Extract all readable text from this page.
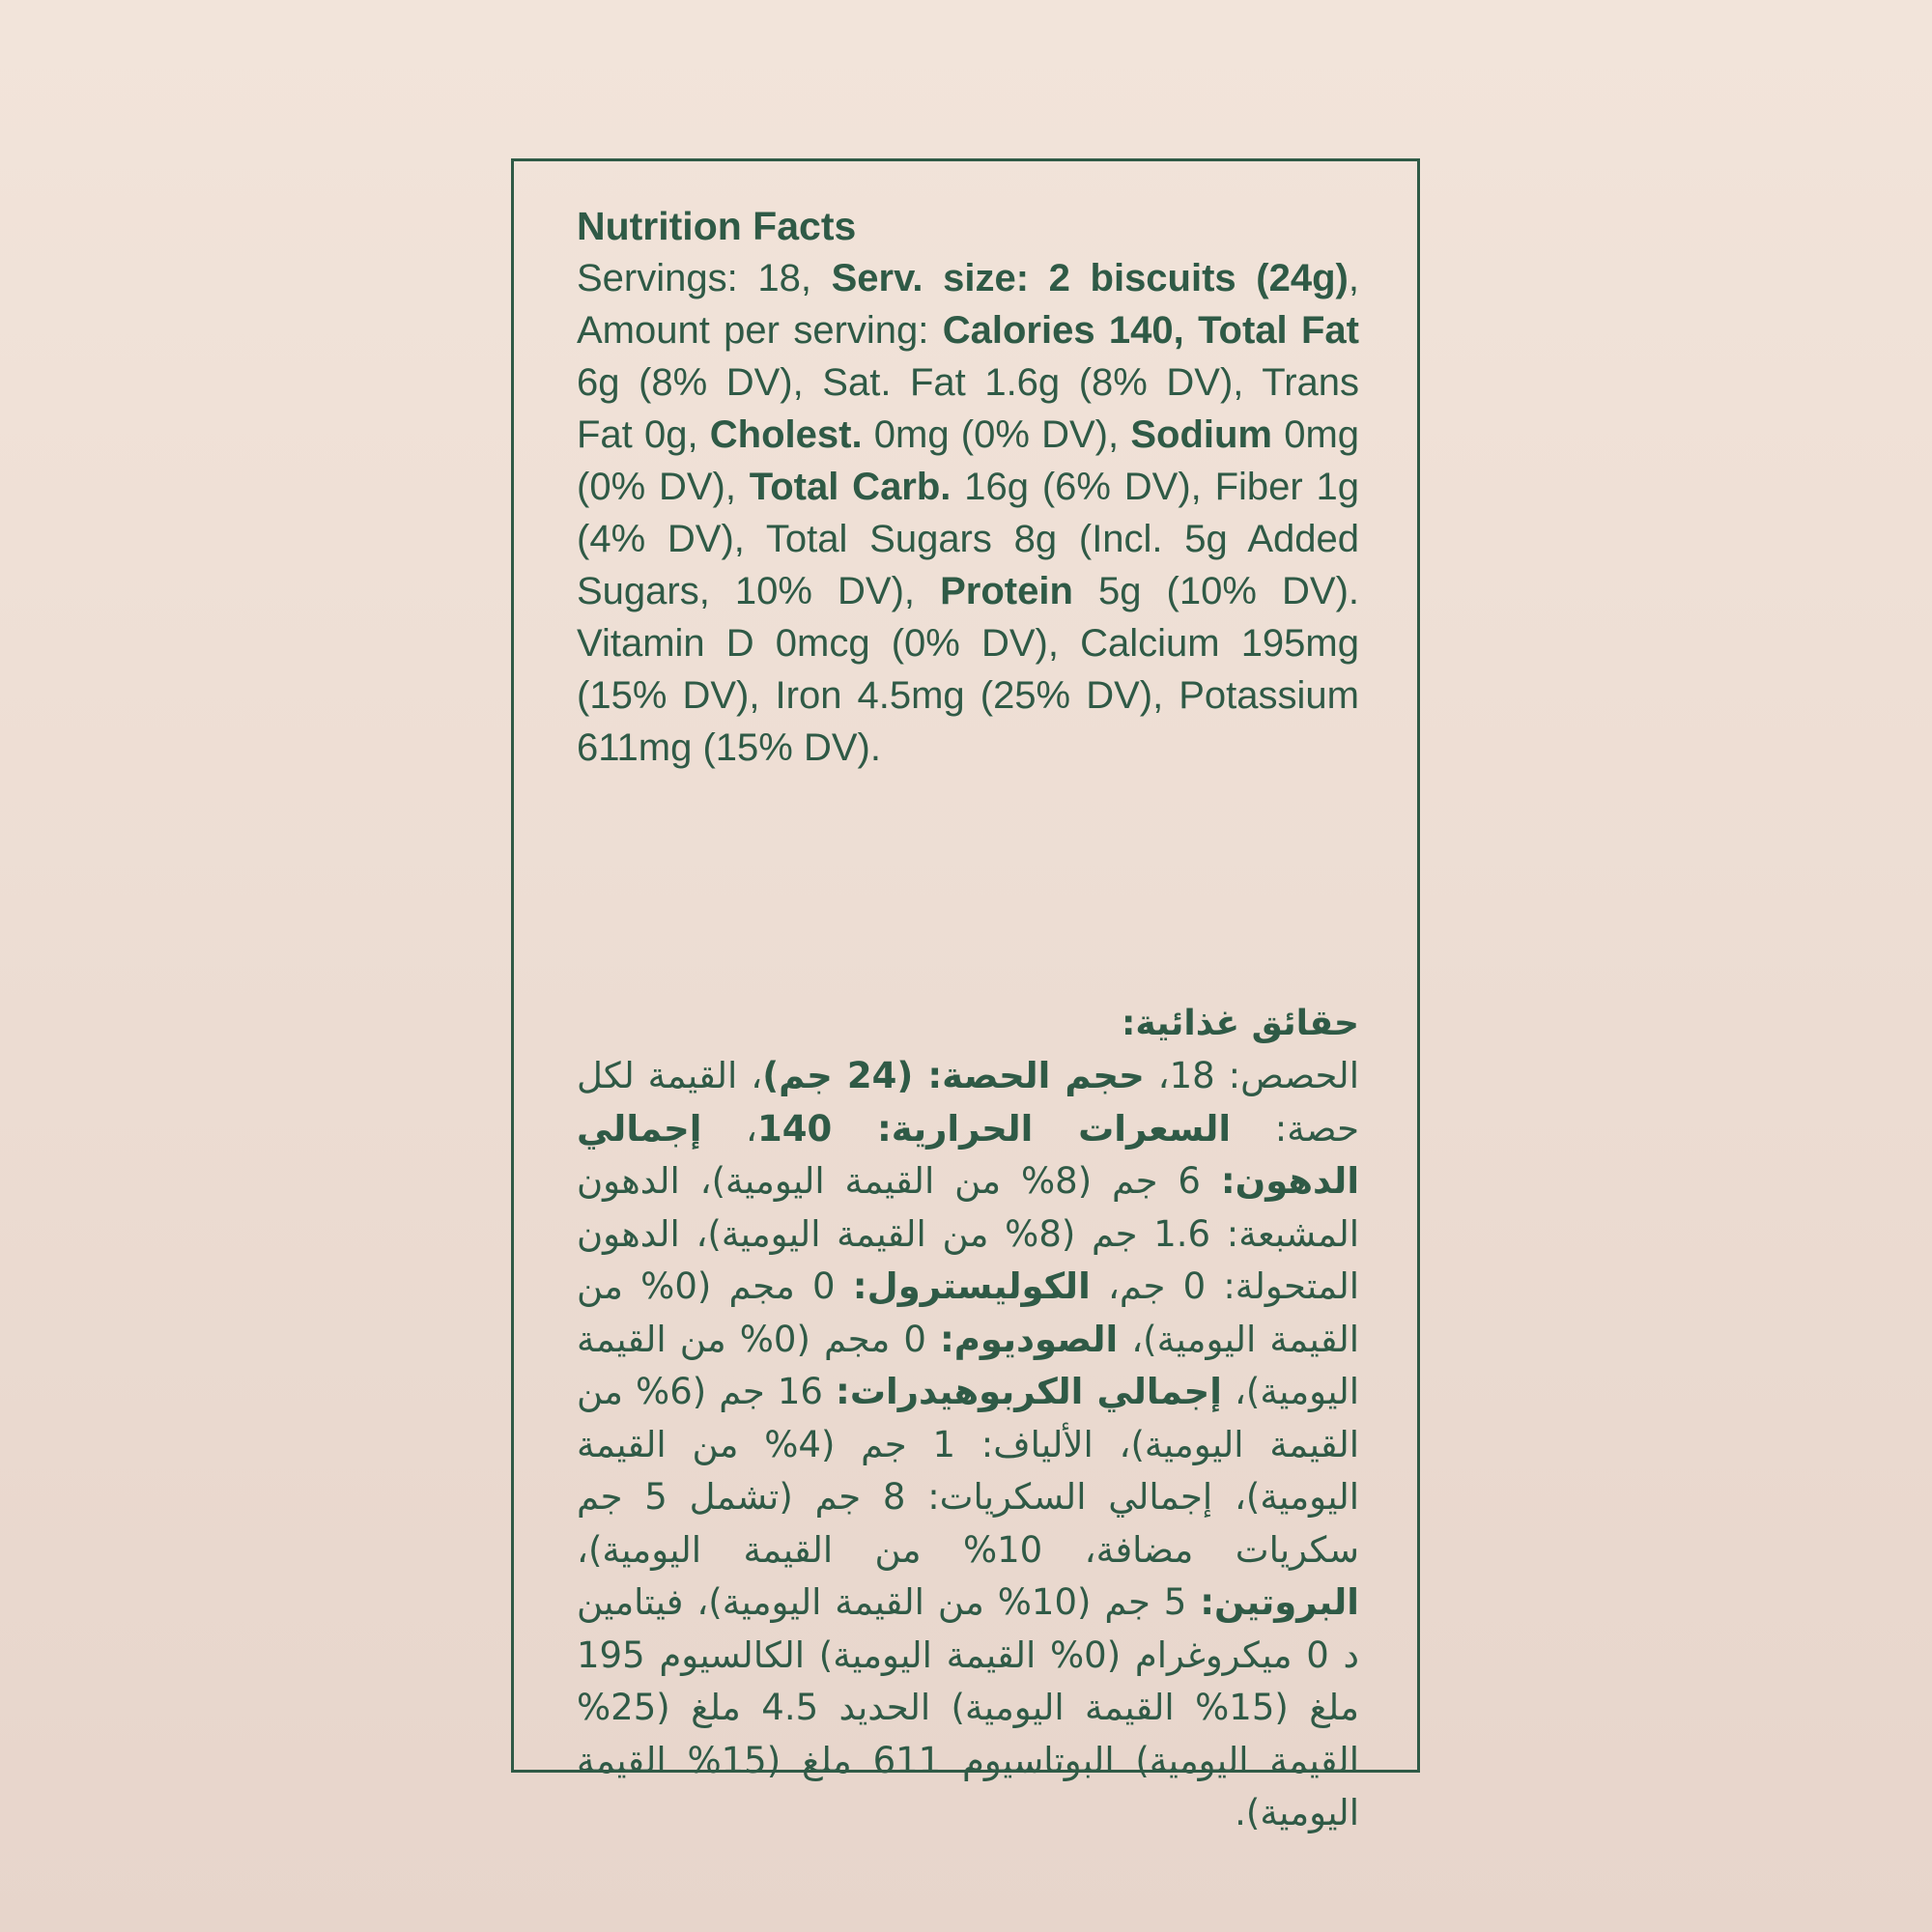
Nutrition Facts

Servings: 18, Serv. size: 2 biscuits (24g), Amount per serving: Calories 140, Total Fat 6g (8% DV), Sat. Fat 1.6g (8% DV), Trans Fat 0g, Cholest. 0mg (0% DV), Sodium 0mg (0% DV), Total Carb. 16g (6% DV), Fiber 1g (4% DV), Total Sugars 8g (Incl. 5g Added Sugars, 10% DV), Protein 5g (10% DV). Vitamin D 0mcg (0% DV), Calcium 195mg (15% DV), Iron 4.5mg (25% DV), Potassium 611mg (15% DV).

حقائق غذائية:

الحصص: 18، حجم الحصة: (24 جم)، القيمة لكل حصة: السعرات الحرارية: 140، إجمالي الدهون: 6 جم (8% من القيمة اليومية)، الدهون المشبعة: 1.6 جم (8% من القيمة اليومية)، الدهون المتحولة: 0 جم، الكوليسترول: 0 مجم (0% من القيمة اليومية)، الصوديوم: 0 مجم (0% من القيمة اليومية)، إجمالي الكربوهيدرات: 16 جم (6% من القيمة اليومية)، الألياف: 1 جم (4% من القيمة اليومية)، إجمالي السكريات: 8 جم (تشمل 5 جم سكريات مضافة، 10% من القيمة اليومية)، البروتين: 5 جم (10% من القيمة اليومية)، فيتامين د 0 ميكروغرام (0% القيمة اليومية) الكالسيوم 195 ملغ (15% القيمة اليومية) الحديد 4.5 ملغ (25% القيمة اليومية) البوتاسيوم 611 ملغ (15% القيمة اليومية).
